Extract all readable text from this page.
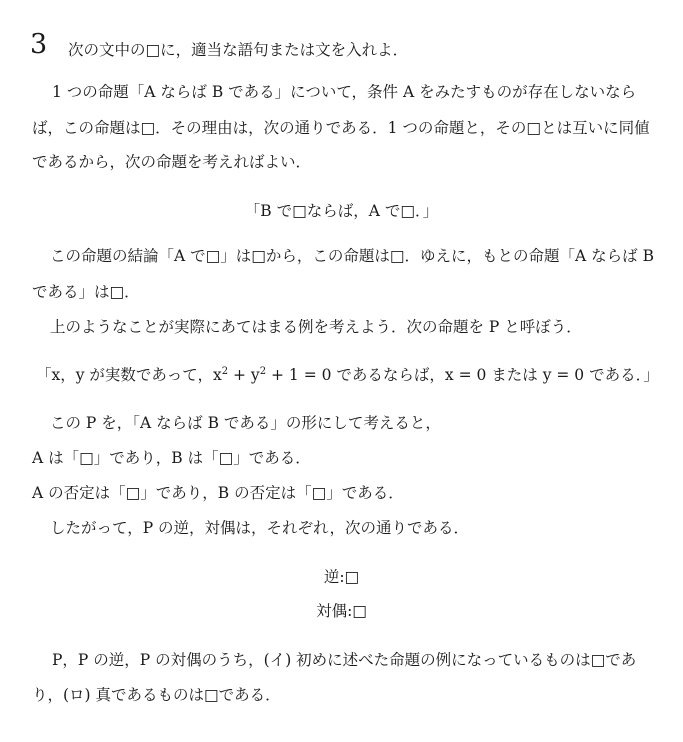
3 次の文中の□に，適当な語句または文を入れよ．
1 つの命題「A ならば B である」について，条件 A をみたすものが存在しないなら
ば，この命題は□．その理由は，次の通りである．1 つの命題と，その□とは互いに同値
であるから，次の命題を考えればよい．
「B で□ならば，A で□．」
この命題の結論「A で□」は□から，この命題は□．ゆえに，もとの命題「A ならば B
である」は□．
上のようなことが実際にあてはまる例を考えよう．次の命題を P と呼ぼう．
「x，y が実数であって，$x^2 + y^2 + 1 = 0$ であるならば，x = 0 または y = 0 である．」
この P を，「A ならば B である」の形にして考えると，
A は「□」であり，B は「□」である．
A の否定は「□」であり，B の否定は「□」である．
したがって，P の逆，対偶は，それぞれ，次の通りである．
逆:□
対偶:□
P，P の逆，P の対偶のうち，(イ) 初めに述べた命題の例になっているものは□であ
り，(ロ) 真であるものは□である．
